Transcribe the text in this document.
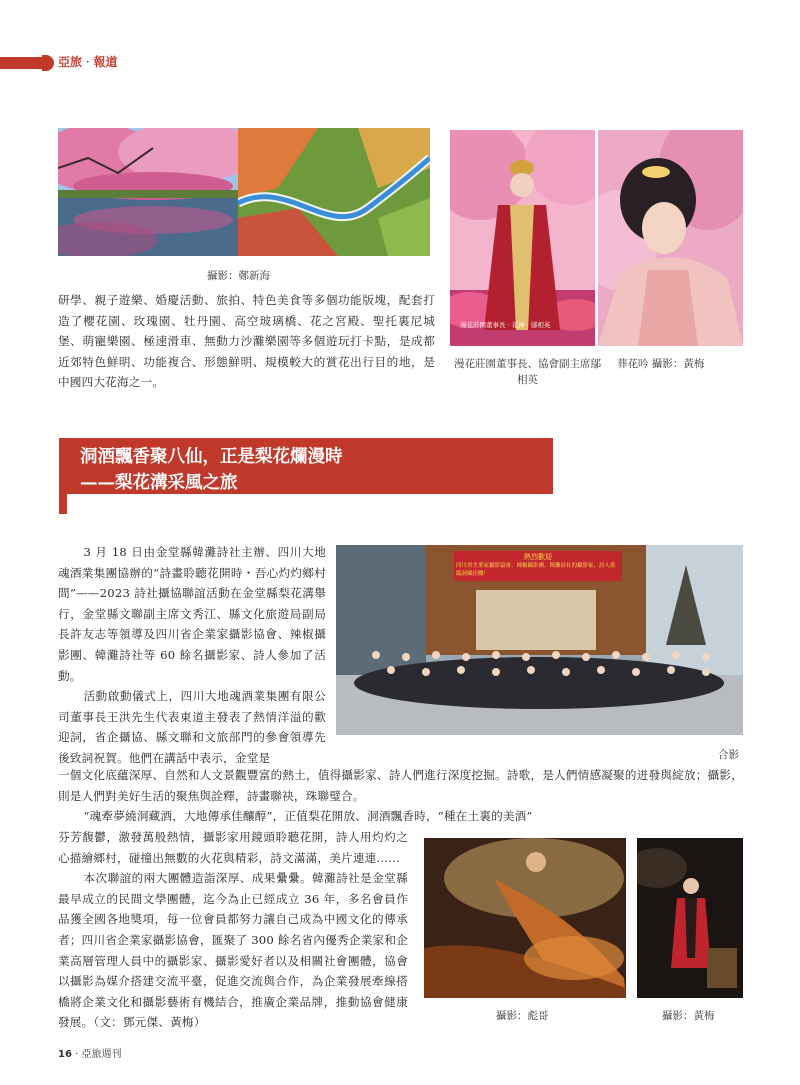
亞旅 · 報道
攝影：鄭新海

研學、親子遊樂、婚慶活動、旅拍、特色美食等多個功能版塊，配套打造了櫻花園、玫瑰園、牡丹園、高空玻璃橋、花之宮殿、聖托裏尼城堡、萌寵樂園、極速滑車、無動力沙灘樂園等多個遊玩打卡點，是成都近郊特色鮮明、功能複合、形態鮮明、規模較大的賞花出行目的地，是中國四大花海之一。

漫花莊園董事長 · 花神 · 鄔相英
漫花莊園董事長、協會副主席鄔相英
葬花吟 攝影：黃梅
洞酒飄香聚八仙，正是梨花爛漫時
——梨花溝采風之旅

3 月 18 日由金堂縣韓灘詩社主辦、四川大地魂酒業集團協辦的“詩畫聆聽花開時・吾心灼灼鄉村間”——2023 詩社攝協聯誼活動在金堂縣梨花溝舉行，金堂縣文聯副主席文秀江、縣文化旅遊局副局長許友志等領導及四川省企業家攝影協會、辣椒攝影團、韓灘詩社等 60 餘名攝影家、詩人參加了活動。

活動啟動儀式上，四川大地魂酒業集團有限公司董事長王洪先生代表東道主發表了熱情洋溢的歡迎詞，省企攝協、縣文聯和文旅部門的參會領導先後致詞祝賀。他們在講話中表示，金堂是

熱烈歡迎
四川省企業家攝影協會、辣椒攝影團、韓灘詩社的攝影家、詩人蒞臨洞藏佳釀！
合影

一個文化底蘊深厚、自然和人文景觀豐富的熱土，值得攝影家、詩人們進行深度挖掘。詩歌，是人們情感凝聚的迸發與綻放；攝影，則是人們對美好生活的聚焦與詮釋，詩畫聯袂，珠聯璧合。

“魂牽夢繞洞藏酒，大地傳承佳釀醇”，正值梨花開放、洞酒飄香時，“種在土裏的美酒”

芬芳馥鬱，激發萬般熱情，攝影家用鏡頭聆聽花開，詩人用灼灼之心描繪鄉村，碰撞出無數的火花與精彩，詩文滿滿，美片連連……

本次聯誼的兩大團體造詣深厚、成果纍纍。韓灘詩社是金堂縣最早成立的民間文學團體，迄今為止已經成立 36 年，多名會員作品獲全國各地獎項，每一位會員都努力讓自己成為中國文化的傳承者；四川省企業家攝影協會，匯聚了 300 餘名省內優秀企業家和企業高層管理人員中的攝影家、攝影愛好者以及相關社會團體，協會以攝影為媒介搭建交流平臺，促進交流與合作，為企業發展牽線搭橋將企業文化和攝影藝術有機結合，推廣企業品牌，推動協會健康發展。（文：鄧元傑、黃梅）	攝影：彪哥	攝影：黃梅
16 · 亞旅週刊
